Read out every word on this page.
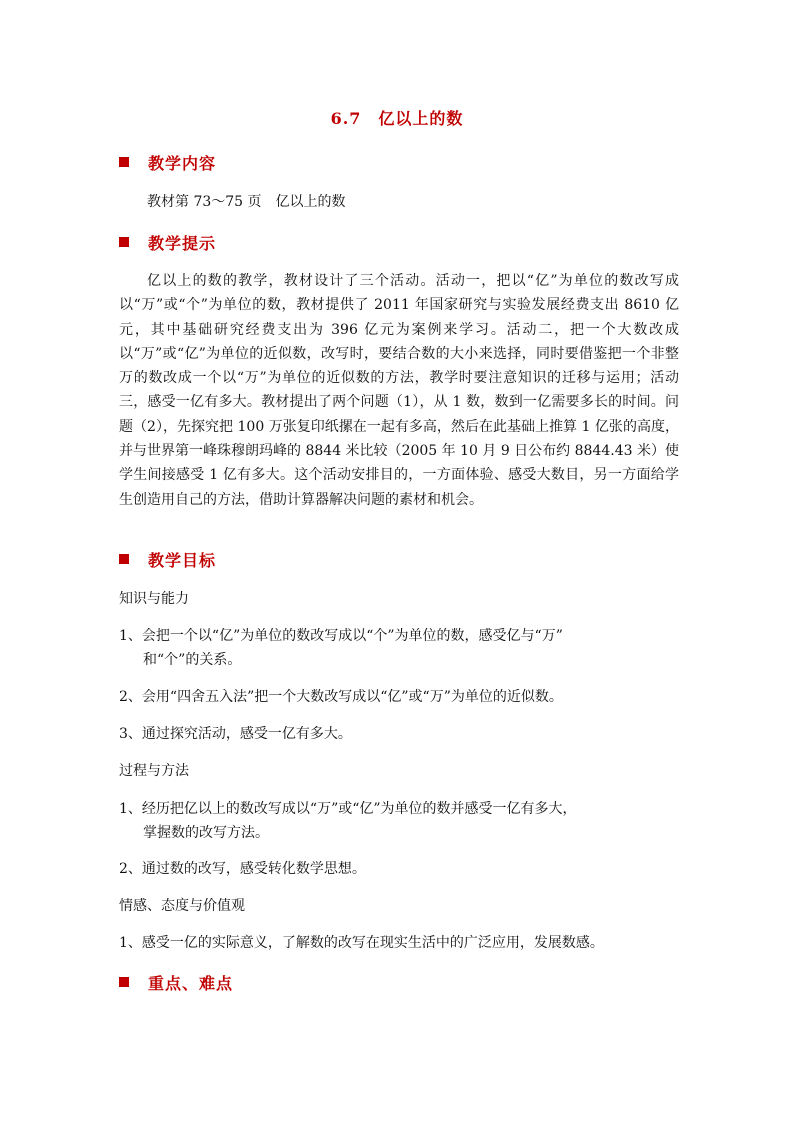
6.7　亿以上的数
教学内容
教材第 73～75 页　亿以上的数
教学提示
亿以上的数的教学，教材设计了三个活动。活动一，把以“亿”为单位的数改写成以“万”或“个”为单位的数，教材提供了 2011 年国家研究与实验发展经费支出 8610 亿元，其中基础研究经费支出为 396 亿元为案例来学习。活动二，把一个大数改成以“万”或“亿”为单位的近似数，改写时，要结合数的大小来选择，同时要借鉴把一个非整万的数改成一个以“万”为单位的近似数的方法，教学时要注意知识的迁移与运用；活动三，感受一亿有多大。教材提出了两个问题（1），从 1 数，数到一亿需要多长的时间。问题（2），先探究把 100 万张复印纸摞在一起有多高，然后在此基础上推算 1 亿张的高度，并与世界第一峰珠穆朗玛峰的 8844 米比较（2005 年 10 月 9 日公布约 8844.43 米）使学生间接感受 1 亿有多大。这个活动安排目的，一方面体验、感受大数目，另一方面给学生创造用自己的方法，借助计算器解决问题的素材和机会。
教学目标
知识与能力
1、会把一个以“亿”为单位的数改写成以“个”为单位的数，感受亿与“万”
和“个”的关系。
2、会用“四舍五入法”把一个大数改写成以“亿”或“万”为单位的近似数。
3、通过探究活动，感受一亿有多大。
过程与方法
1、经历把亿以上的数改写成以“万”或“亿”为单位的数并感受一亿有多大，
掌握数的改写方法。
2、通过数的改写，感受转化数学思想。
情感、态度与价值观
1、感受一亿的实际意义，了解数的改写在现实生活中的广泛应用，发展数感。
重点、难点
